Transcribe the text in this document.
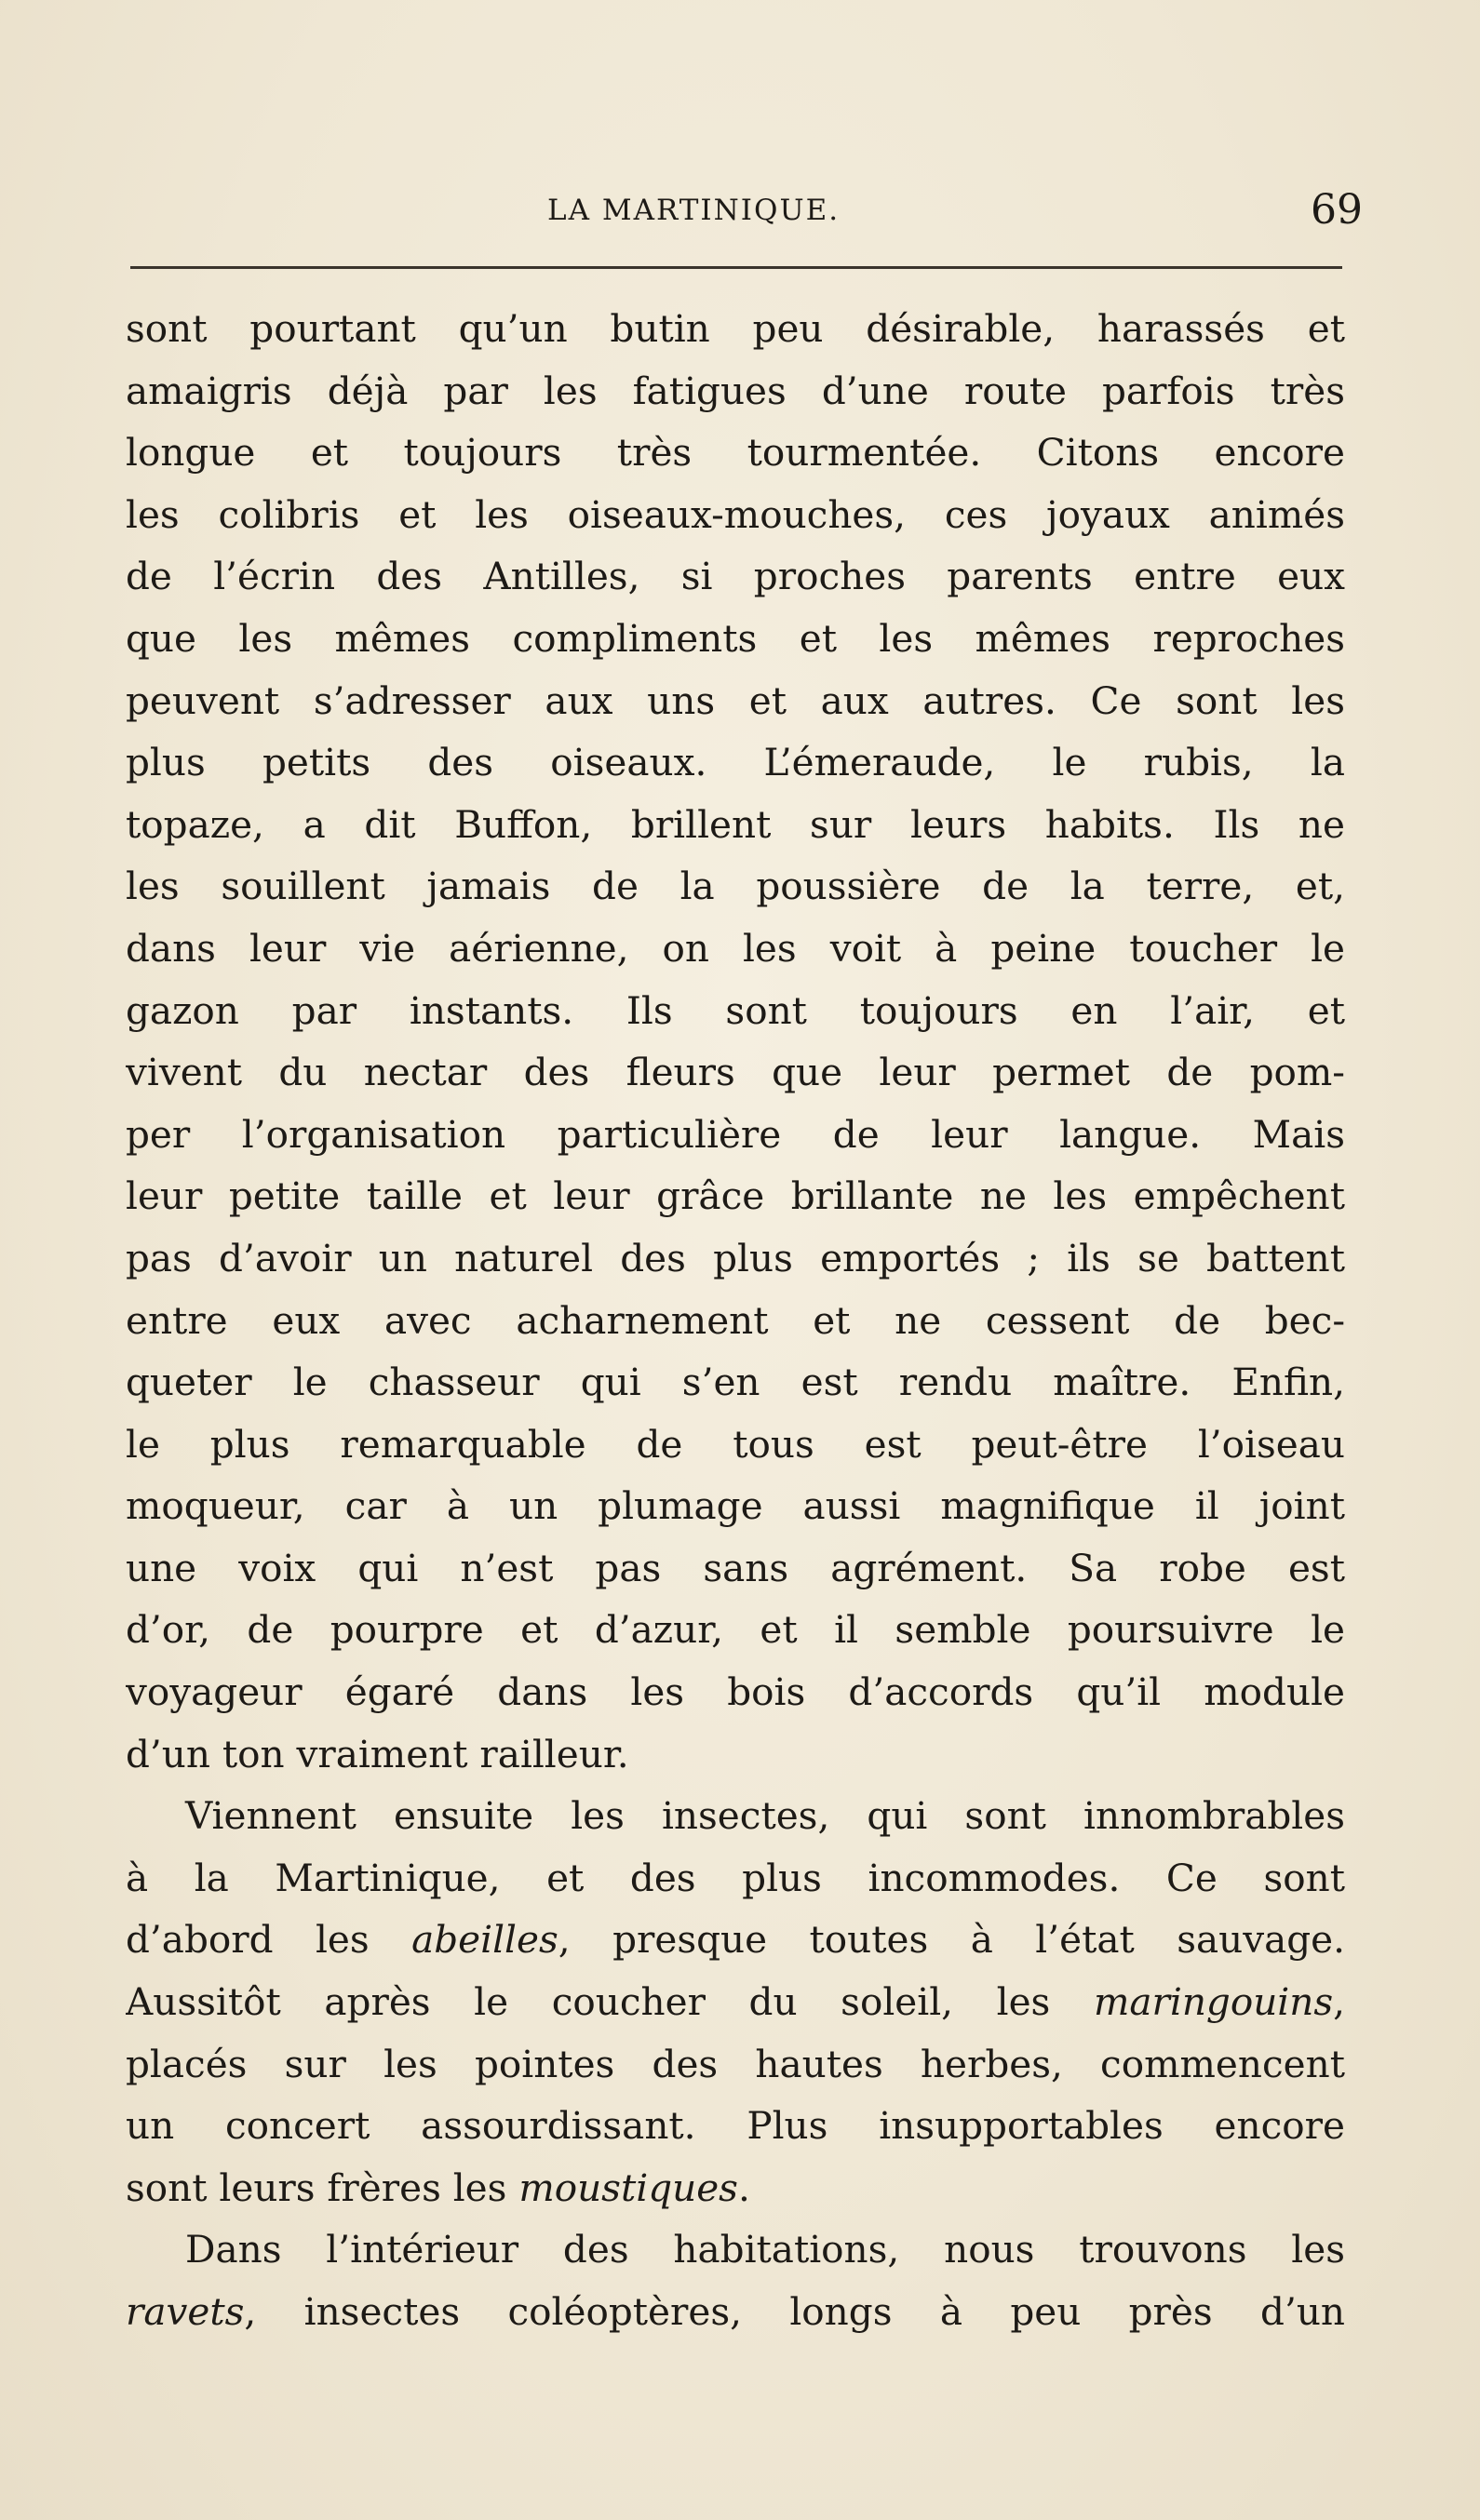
LA MARTINIQUE.	69
sont pourtant qu’un butin peu désirable, harassés et
amaigris déjà par les fatigues d’une route parfois très
longue et toujours très tourmentée. Citons encore
les colibris et les oiseaux-mouches, ces joyaux animés
de l’écrin des Antilles, si proches parents entre eux
que les mêmes compliments et les mêmes reproches
peuvent s’adresser aux uns et aux autres. Ce sont les
plus petits des oiseaux. L’émeraude, le rubis, la
topaze, a dit Buffon, brillent sur leurs habits. Ils ne
les souillent jamais de la poussière de la terre, et,
dans leur vie aérienne, on les voit à peine toucher le
gazon par instants. Ils sont toujours en l’air, et
vivent du nectar des fleurs que leur permet de pom-
per l’organisation particulière de leur langue. Mais
leur petite taille et leur grâce brillante ne les empêchent
pas d’avoir un naturel des plus emportés ; ils se battent
entre eux avec acharnement et ne cessent de bec-
queter le chasseur qui s’en est rendu maître. Enfin,
le plus remarquable de tous est peut-être l’oiseau
moqueur, car à un plumage aussi magnifique il joint
une voix qui n’est pas sans agrément. Sa robe est
d’or, de pourpre et d’azur, et il semble poursuivre le
voyageur égaré dans les bois d’accords qu’il module
d’un ton vraiment railleur.
Viennent ensuite les insectes, qui sont innombrables
à la Martinique, et des plus incommodes. Ce sont
d’abord les abeilles, presque toutes à l’état sauvage.
Aussitôt après le coucher du soleil, les maringouins,
placés sur les pointes des hautes herbes, commencent
un concert assourdissant. Plus insupportables encore
sont leurs frères les moustiques.
Dans l’intérieur des habitations, nous trouvons les
ravets, insectes coléoptères, longs à peu près d’un
